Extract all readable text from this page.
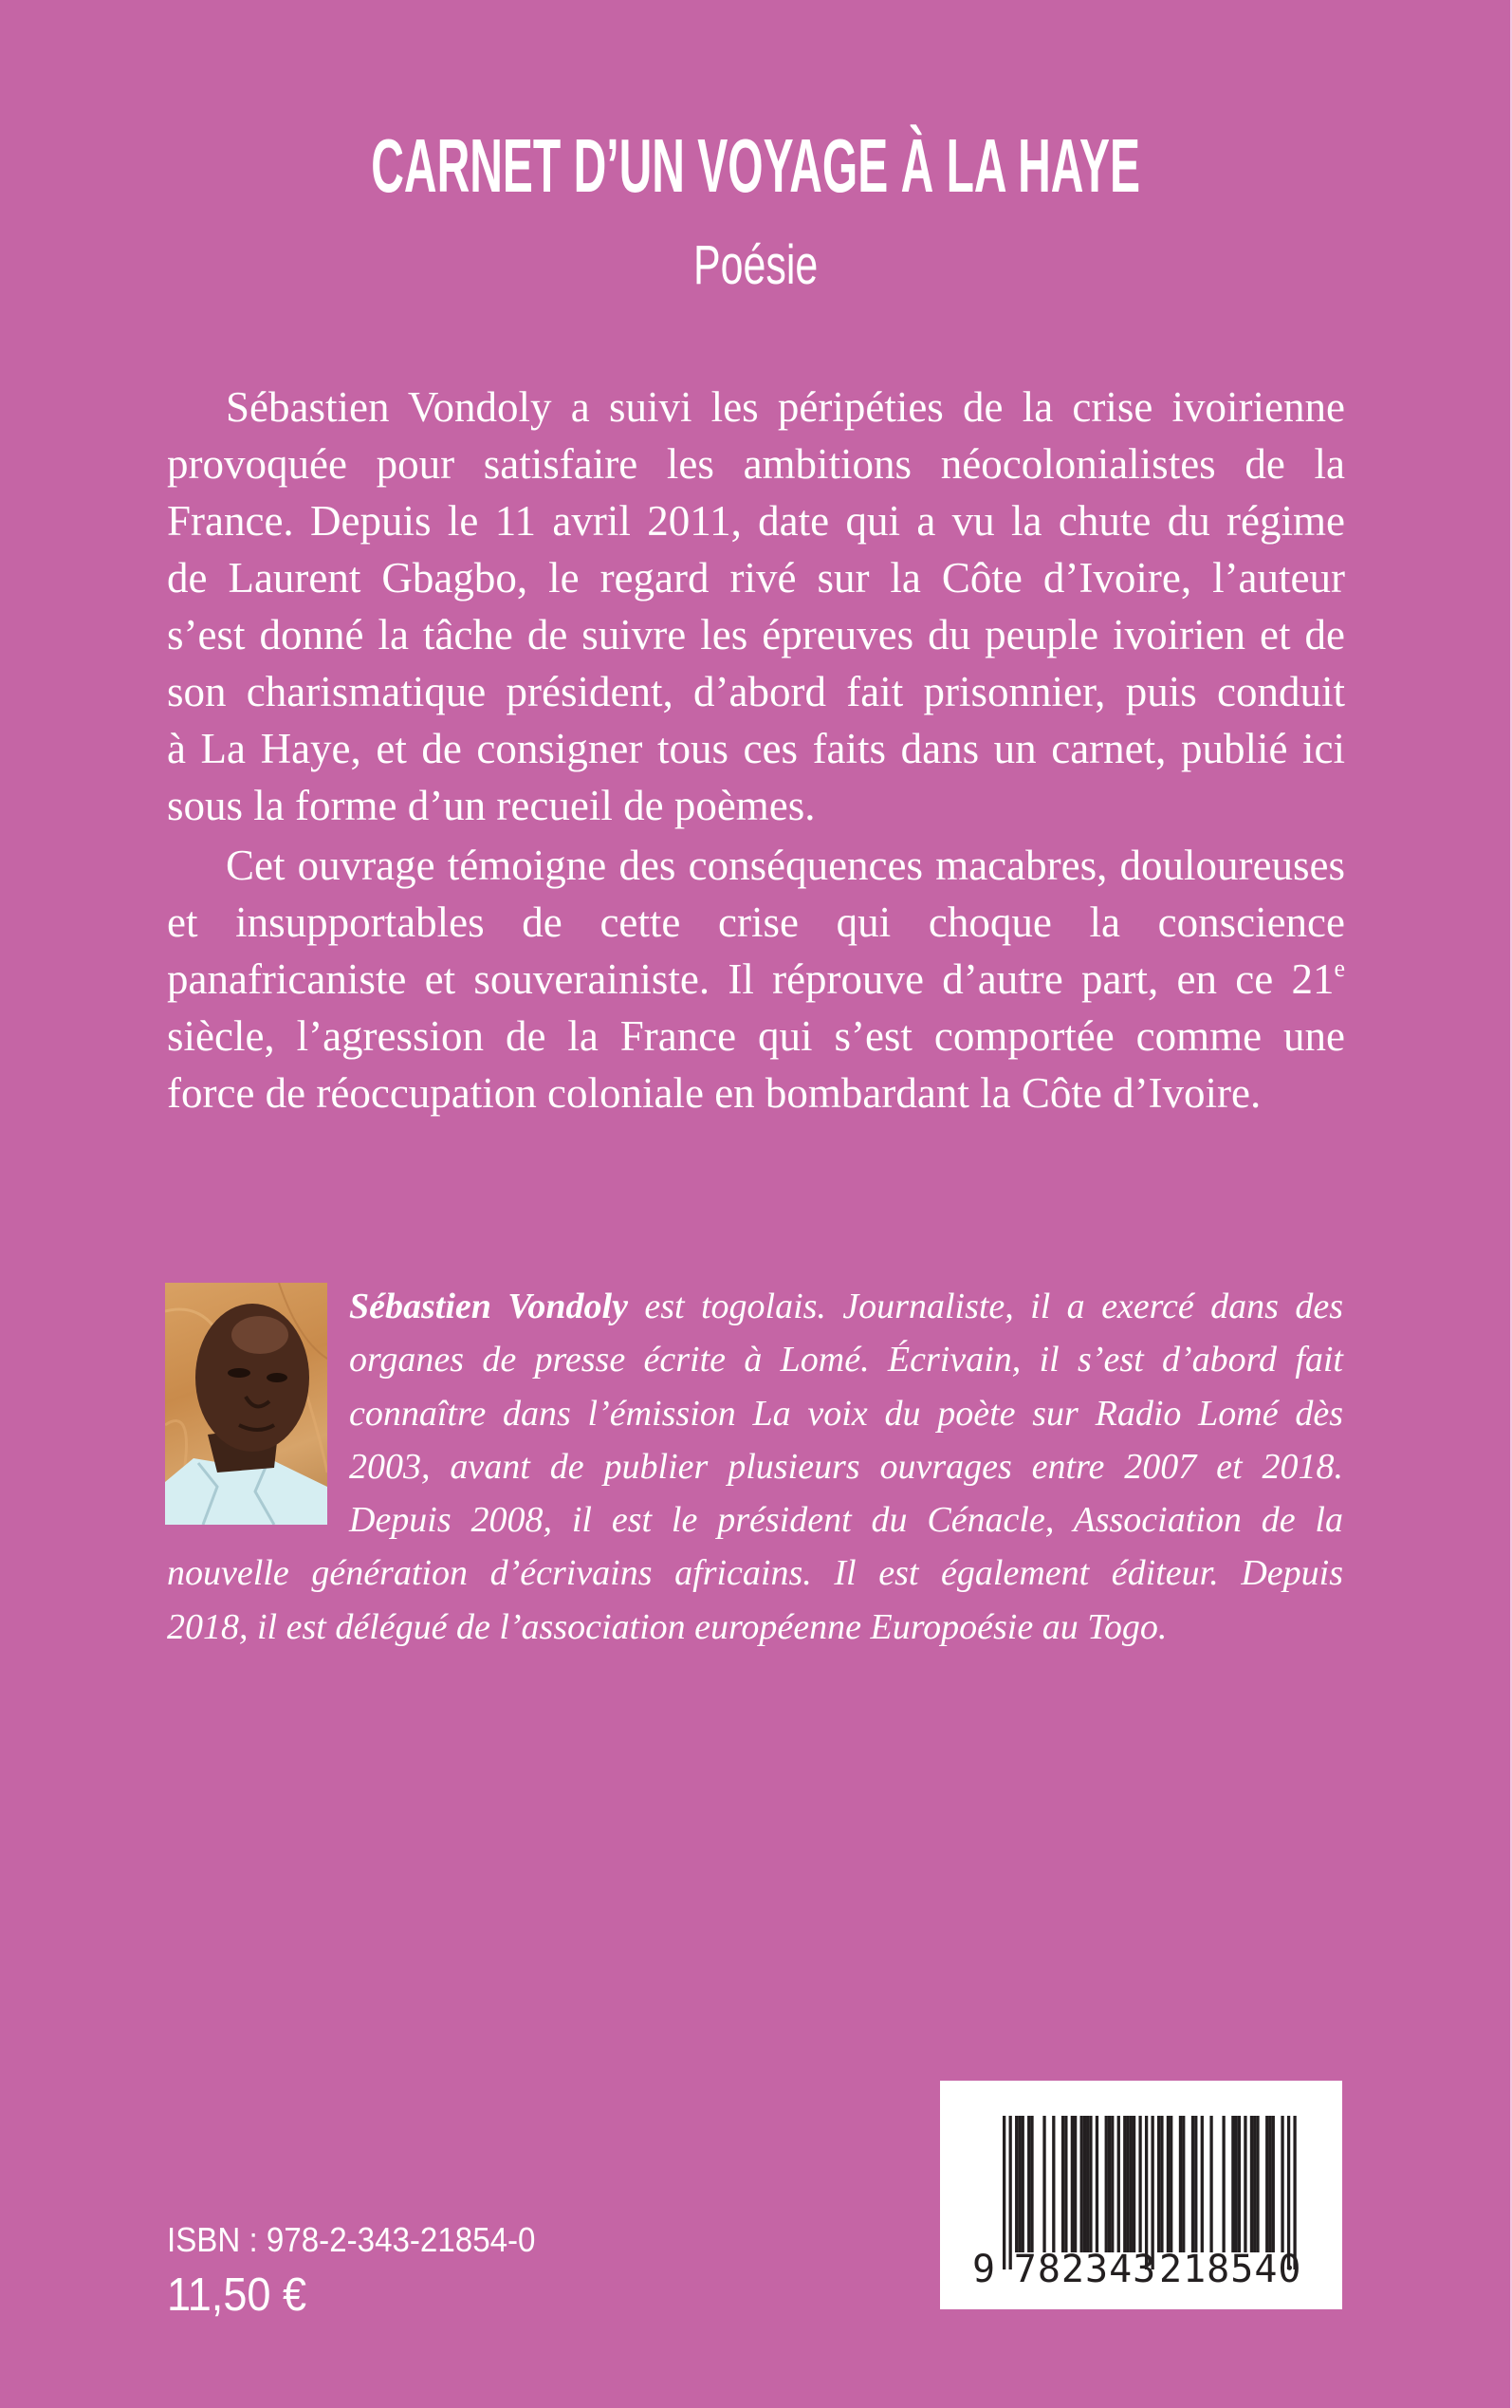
CARNET D’UN VOYAGE À LA HAYE
Poésie

Sébastien Vondoly a suivi les péripéties de la crise ivoirienne
provoquée pour satisfaire les ambitions néocolonialistes de la
France. Depuis le 11 avril 2011, date qui a vu la chute du régime
de Laurent Gbagbo, le regard rivé sur la Côte d’Ivoire, l’auteur
s’est donné la tâche de suivre les épreuves du peuple ivoirien et de
son charismatique président, d’abord fait prisonnier, puis conduit
à La Haye, et de consigner tous ces faits dans un carnet, publié ici
sous la forme d’un recueil de poèmes.

Cet ouvrage témoigne des conséquences macabres, douloureuses
et insupportables de cette crise qui choque la conscience
panafricaniste et souverainiste. Il réprouve d’autre part, en ce 21e
siècle, l’agression de la France qui s’est comportée comme une
force de réoccupation coloniale en bombardant la Côte d’Ivoire.

Sébastien Vondoly est togolais. Journaliste, il a exercé dans des
organes de presse écrite à Lomé. Écrivain, il s’est d’abord fait
connaître dans l’émission La voix du poète sur Radio Lomé dès
2003, avant de publier plusieurs ouvrages entre 2007 et 2018.
Depuis 2008, il est le président du Cénacle, Association de la
nouvelle génération d’écrivains africains. Il est également éditeur. Depuis
2018, il est délégué de l’association européenne Europoésie au Togo.
ISBN : 978-2-343-21854-0
11,50 €	9 782343 218540
